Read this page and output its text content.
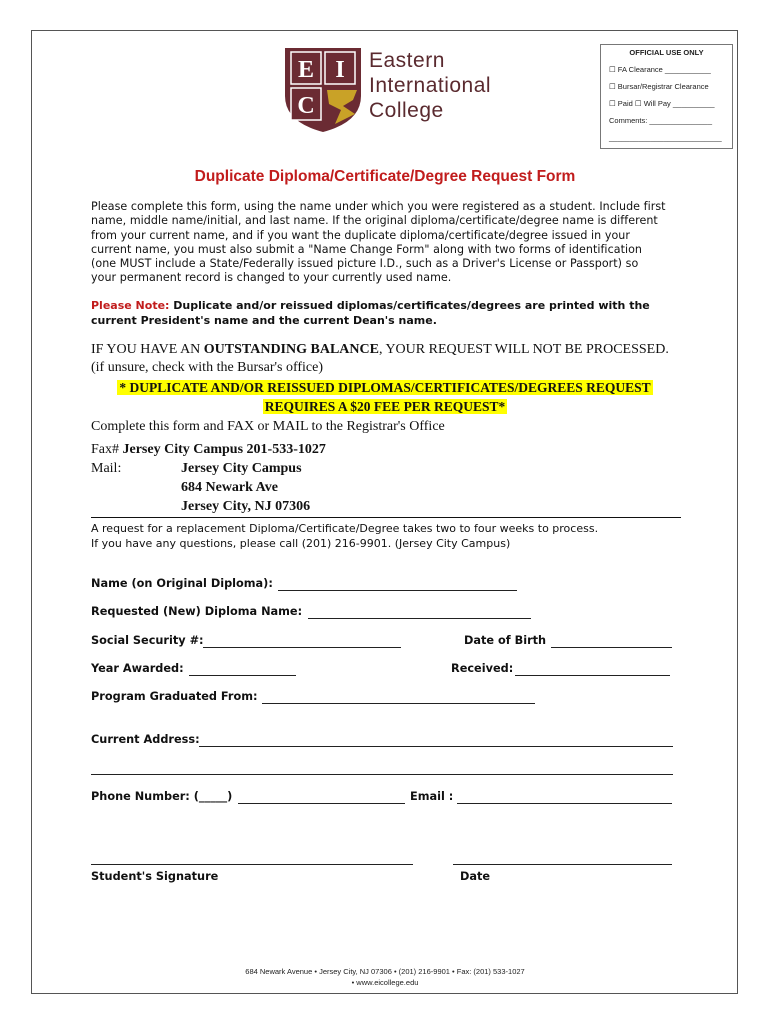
E I
C
Eastern
International
College
OFFICIAL USE ONLY
☐ FA Clearance ___________
☐ Bursar/Registrar Clearance
☐ Paid ☐ Will Pay __________
Comments: _______________
___________________________
Duplicate Diploma/Certificate/Degree Request Form
Please complete this form, using the name under which you were registered as a student. Include first
name, middle name/initial, and last name. If the original diploma/certificate/degree name is different
from your current name, and if you want the duplicate diploma/certificate/degree issued in your
current name, you must also submit a "Name Change Form" along with two forms of identification
(one MUST include a State/Federally issued picture I.D., such as a Driver's License or Passport) so
your permanent record is changed to your currently used name.
Please Note: Duplicate and/or reissued diplomas/certificates/degrees are printed with the current President's name and the current Dean's name.
IF YOU HAVE AN OUTSTANDING BALANCE, YOUR REQUEST WILL NOT BE PROCESSED.
(if unsure, check with the Bursar's office)
* DUPLICATE AND/OR REISSUED DIPLOMAS/CERTIFICATES/DEGREES REQUEST
REQUIRES A $20 FEE PER REQUEST*
Complete this form and FAX or MAIL to the Registrar's Office
Fax# Jersey City Campus 201-533-1027
Mail:	Jersey City Campus
684 Newark Ave
Jersey City, NJ 07306
A request for a replacement Diploma/Certificate/Degree takes two to four weeks to process.
If you have any questions, please call (201) 216-9901. (Jersey City Campus)
Name (on Original Diploma):
Requested (New) Diploma Name:
Social Security #:	Date of Birth
Year Awarded:	Received:
Program Graduated From:
Current Address:
Phone Number: (_____)	Email :
Student's Signature	Date
684 Newark Avenue • Jersey City, NJ 07306 • (201) 216-9901 • Fax: (201) 533-1027
• www.eicollege.edu
